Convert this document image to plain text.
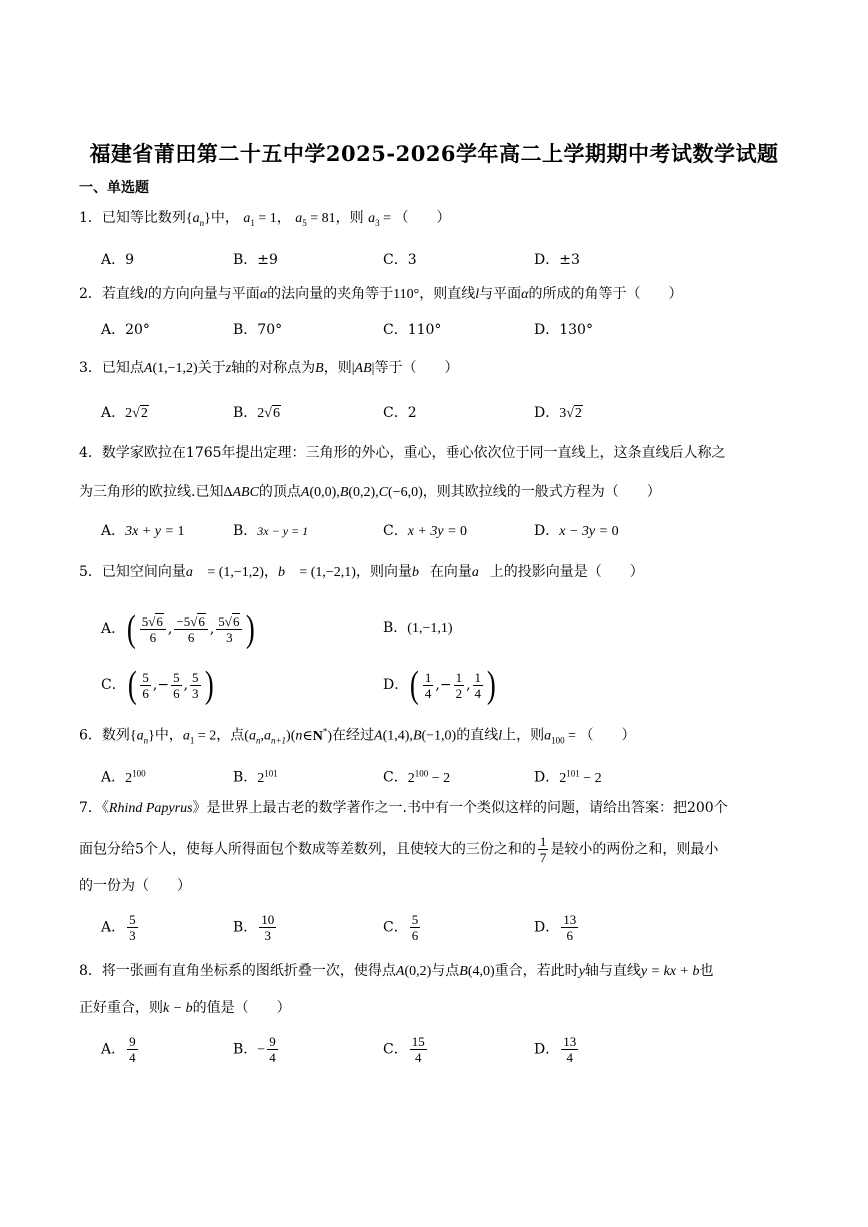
福建省莆田第二十五中学2025-2026学年高二上学期期中考试数学试题
一、单选题
1．已知等比数列$\{a_n\}$中， $a_1 = 1$， $a_5 = 81$，则 $a_3$ = （　　）
A．9	B．±9	C．3	D．±3
2．若直线l的方向向量与平面α的法向量的夹角等于110°，则直线l与平面α的所成的角等于（　　）
A．20°	B．70°	C．110°	D．130°
3．已知点A(1,−1,2)关于z轴的对称点为B，则|AB|等于（　　）
A．2√2	B．2√6	C．2	D．3√2
4．数学家欧拉在1765年提出定理：三角形的外心，重心，垂心依次位于同一直线上，这条直线后人称之
为三角形的欧拉线.已知ΔABC的顶点A(0,0),B(0,2),C(−6,0)，则其欧拉线的一般式方程为（　　）
A．3x + y = 1	B．3x − y = 1	C．x + 3y = 0	D．x − 3y = 0
5．已知空间向量a⃗ = (1,−1,2)，b⃗ = (1,−2,1)，则向量b⃗在向量a⃗上的投影向量是（　　）
A．( $\frac{5√6}{6}$ , $\frac{-5√6}{6}$ , $\frac{5√6}{3}$ )	B．(1,−1,1)
C．( $\frac{5}{6}$ ,− $\frac{5}{6}$ , $\frac{5}{3}$ )	D．( $\frac{1}{4}$ ,− $\frac{1}{2}$ , $\frac{1}{4}$ )
6．数列$\{a_n\}$中，$a_1 = 2$，点$(a_n,a_{n+1})(n\in N^*)$在经过A(1,4),B(−1,0)的直线l上，则$a_{100}$ = （　　）
A．$2^{100}$	B．$2^{101}$	C．$2^{100} - 2$	D．$2^{101} - 2$
7．《Rhind Papyrus》是世界上最古老的数学著作之一.书中有一个类似这样的问题，请给出答案：把200个
面包分给5个人，使每人所得面包个数成等差数列，且使较大的三份之和的 $\frac{1}{7}$ 是较小的两份之和，则最小
的一份为（　　）
A． $\frac{5}{3}$	B． $\frac{10}{3}$	C． $\frac{5}{6}$	D． $\frac{13}{6}$
8．将一张画有直角坐标系的图纸折叠一次，使得点A(0,2)与点B(4,0)重合，若此时y轴与直线y = kx + b也
正好重合，则k − b的值是（　　）
A． $\frac{9}{4}$	B．− $\frac{9}{4}$	C． $\frac{15}{4}$	D． $\frac{13}{4}$
